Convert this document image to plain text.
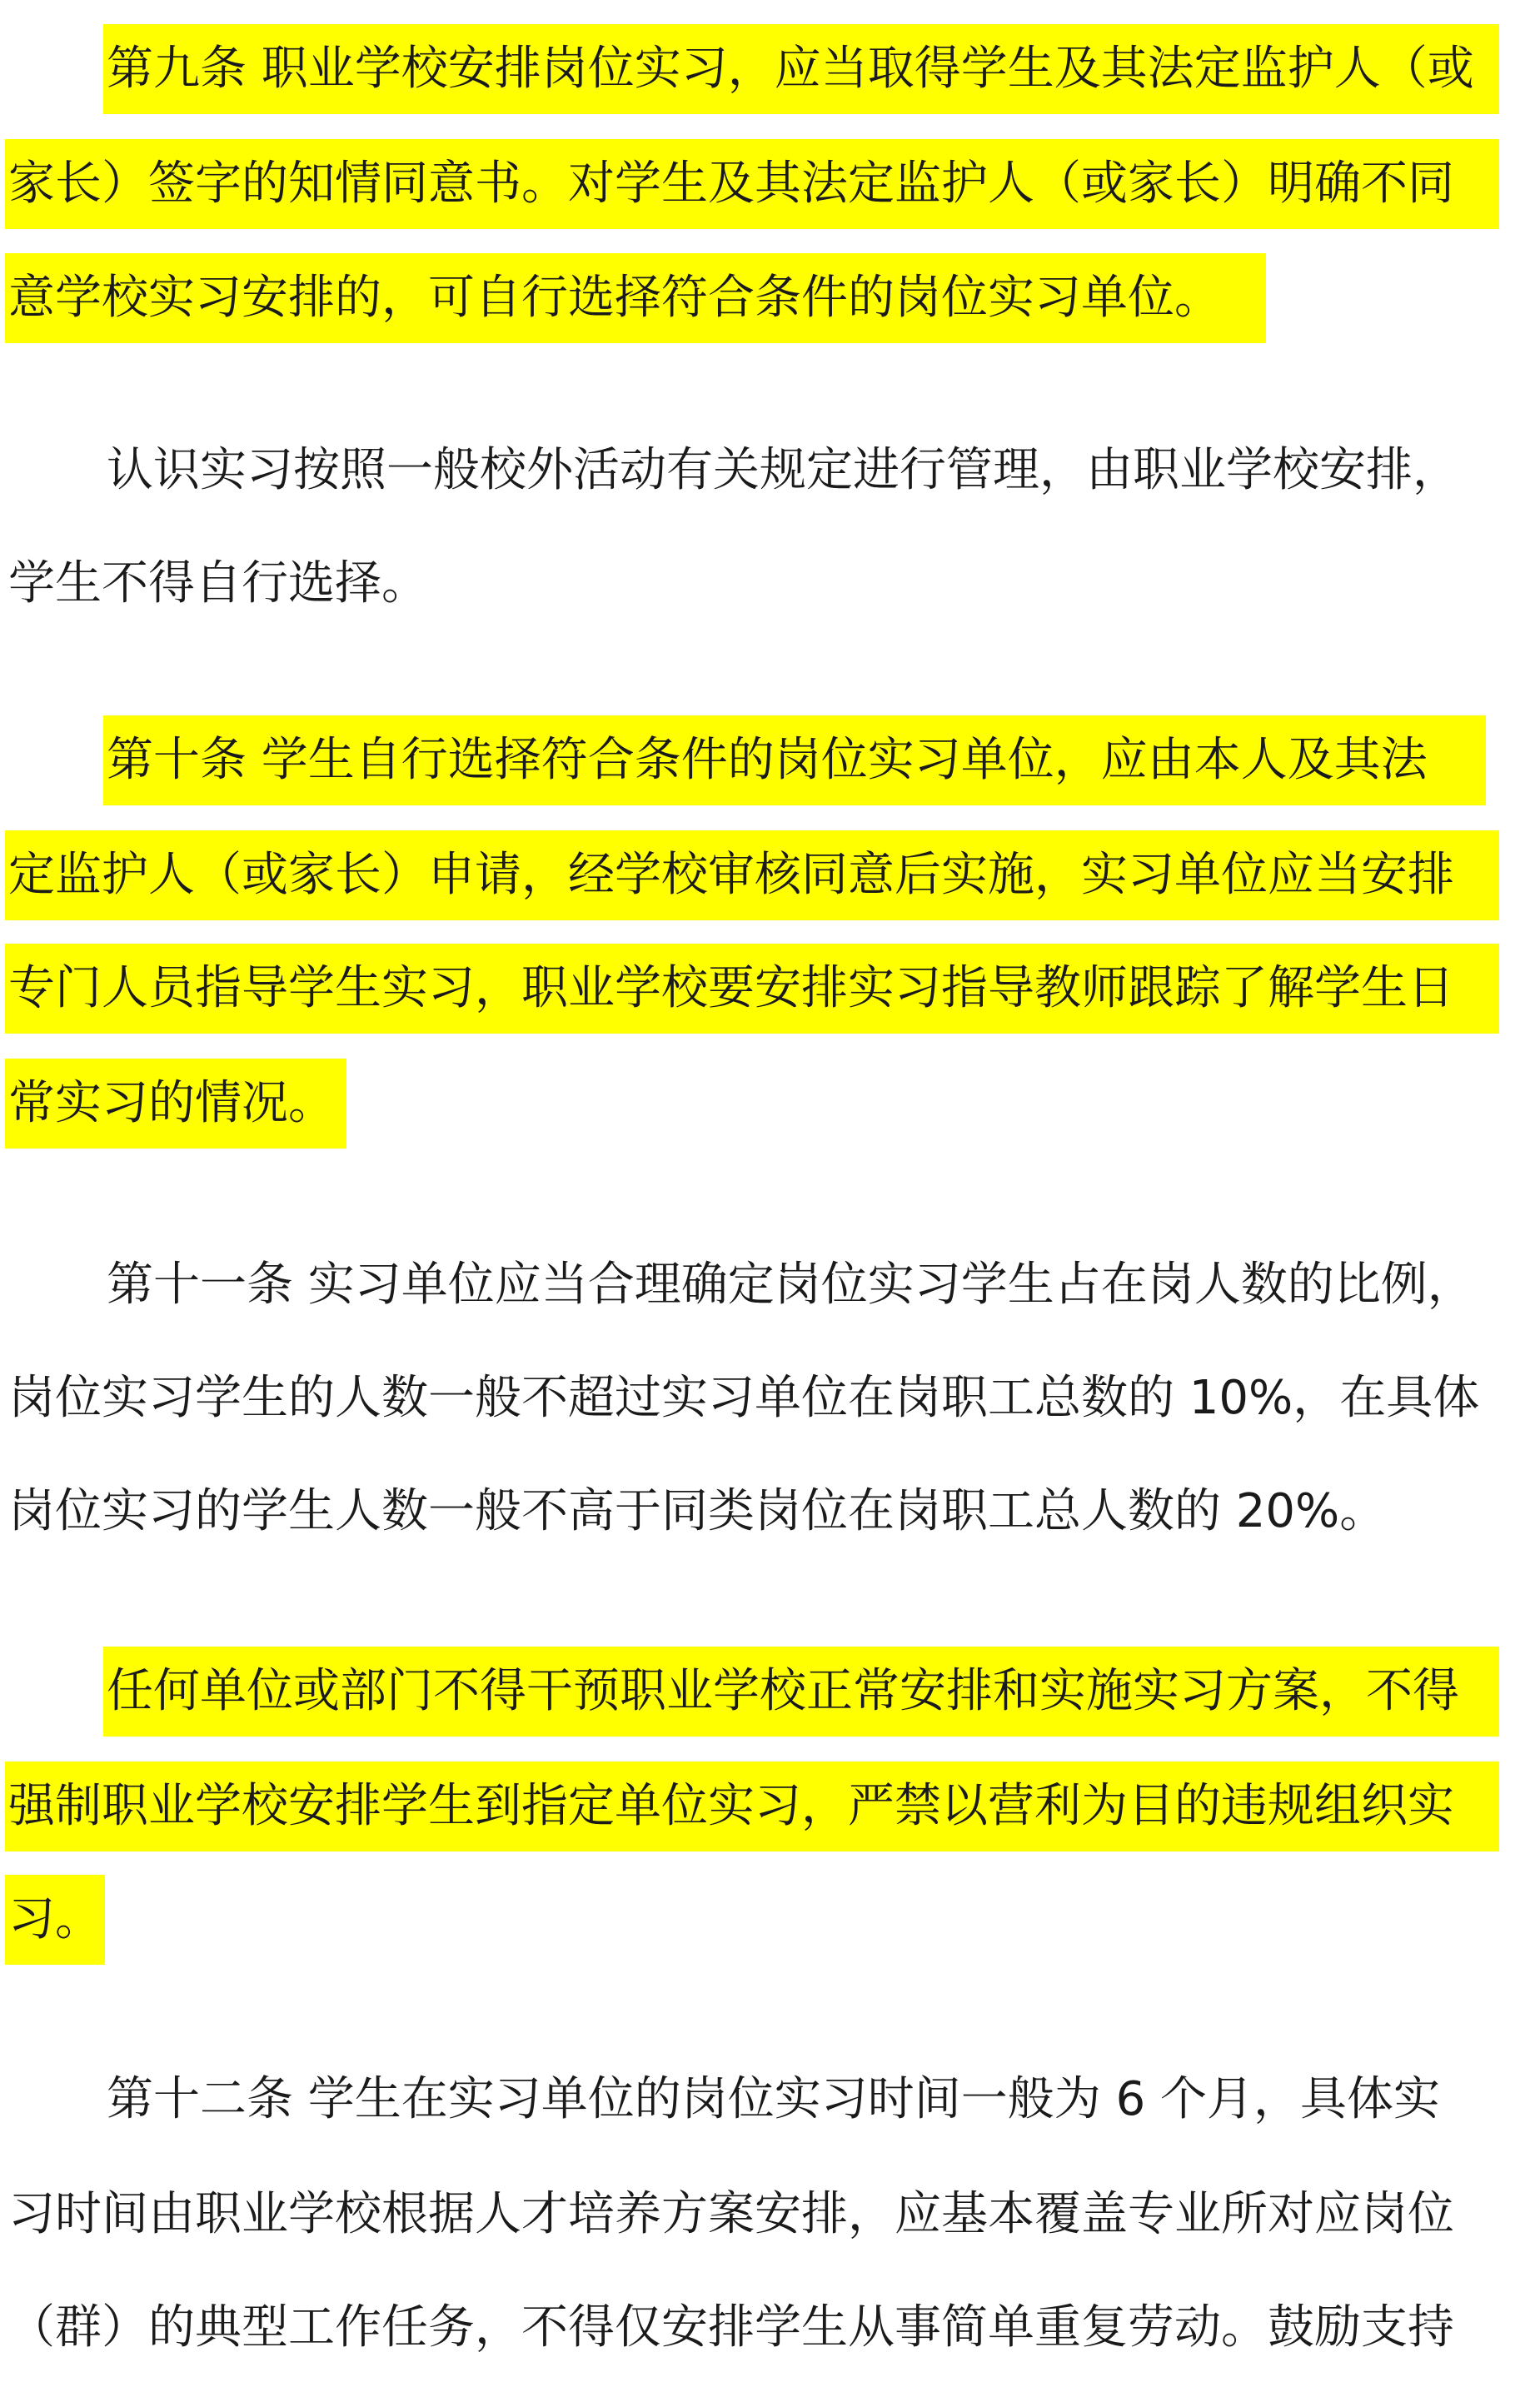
第九条 职业学校安排岗位实习，应当取得学生及其法定监护人（或
家长）签字的知情同意书。对学生及其法定监护人（或家长）明确不同
意学校实习安排的，可自行选择符合条件的岗位实习单位。
认识实习按照一般校外活动有关规定进行管理，由职业学校安排，
学生不得自行选择。
第十条 学生自行选择符合条件的岗位实习单位，应由本人及其法
定监护人（或家长）申请，经学校审核同意后实施，实习单位应当安排
专门人员指导学生实习，职业学校要安排实习指导教师跟踪了解学生日
常实习的情况。
第十一条 实习单位应当合理确定岗位实习学生占在岗人数的比例，
岗位实习学生的人数一般不超过实习单位在岗职工总数的 10%，在具体
岗位实习的学生人数一般不高于同类岗位在岗职工总人数的 20%。
任何单位或部门不得干预职业学校正常安排和实施实习方案，不得
强制职业学校安排学生到指定单位实习，严禁以营利为目的违规组织实
习。
第十二条 学生在实习单位的岗位实习时间一般为 6 个月，具体实
习时间由职业学校根据人才培养方案安排，应基本覆盖专业所对应岗位
（群）的典型工作任务，不得仅安排学生从事简单重复劳动。鼓励支持
